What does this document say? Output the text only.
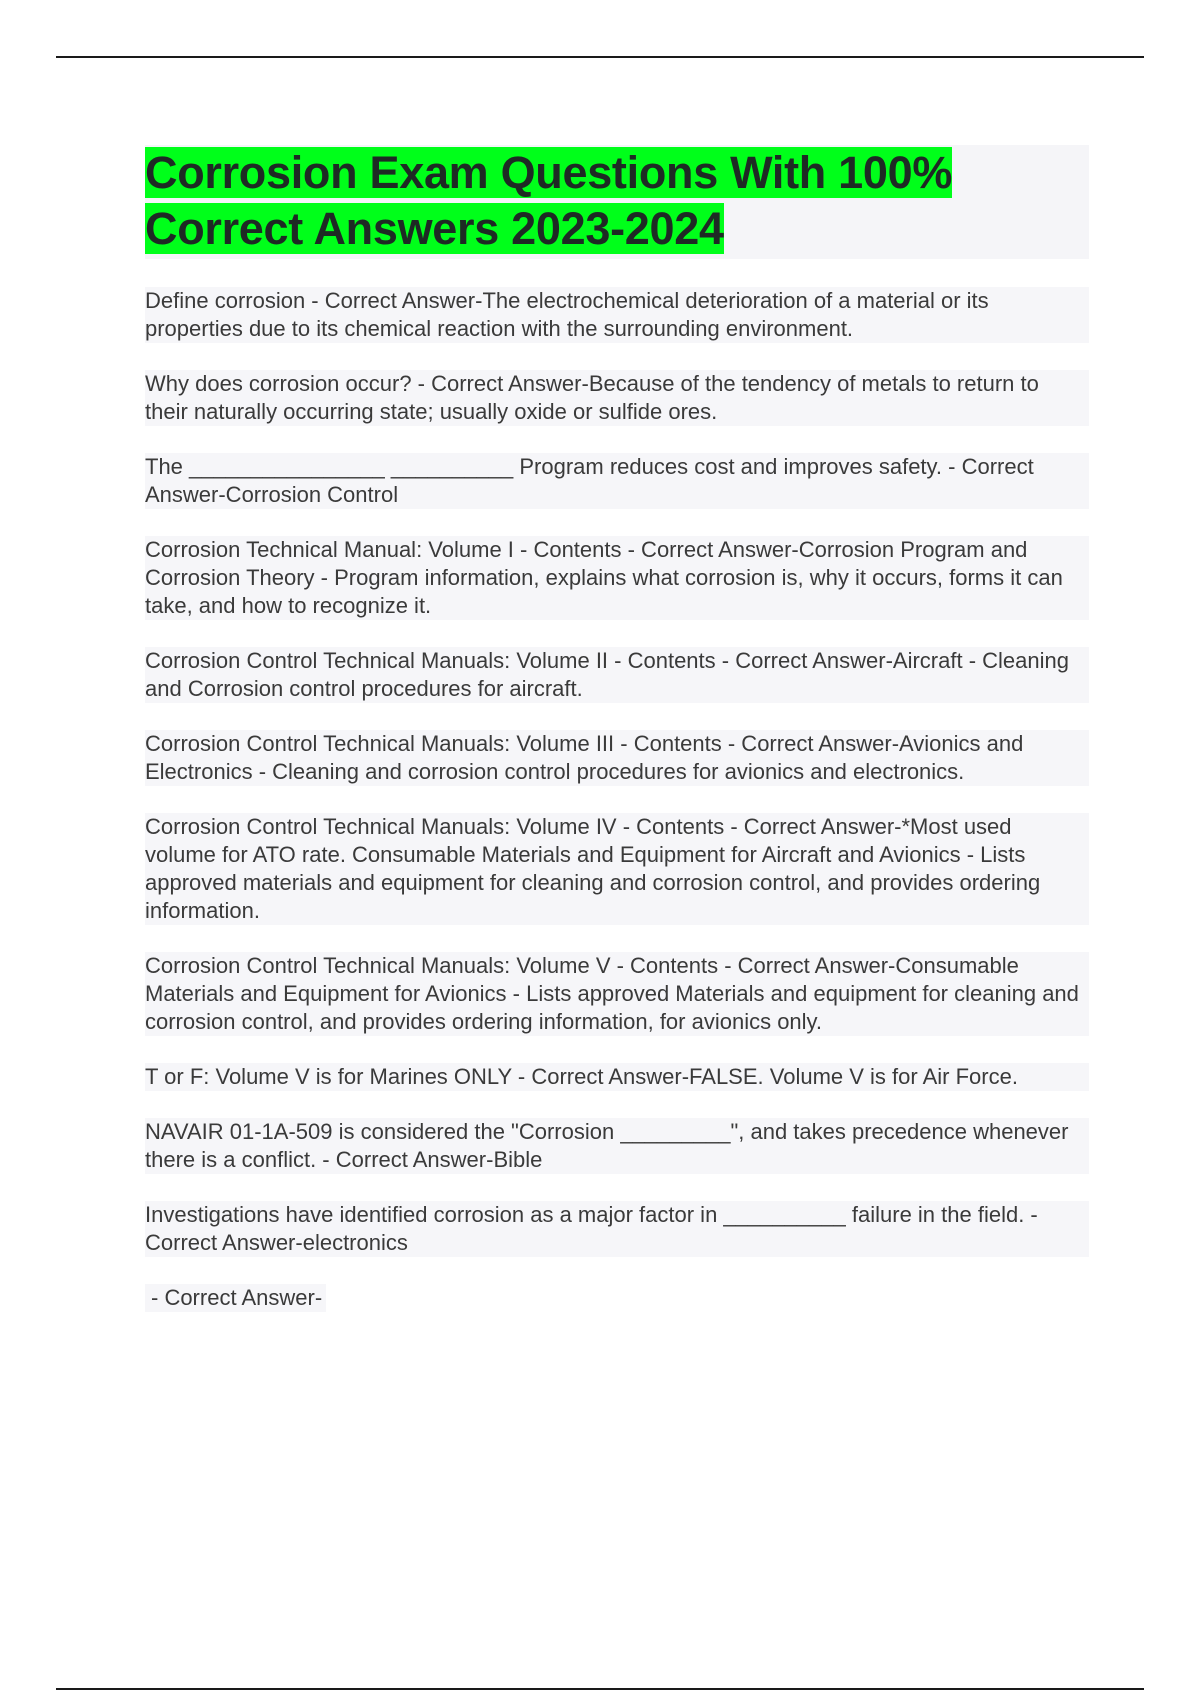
Corrosion Exam Questions With 100% Correct Answers 2023-2024

Define corrosion - Correct Answer-The electrochemical deterioration of a material or its properties due to its chemical reaction with the surrounding environment.

Why does corrosion occur? - Correct Answer-Because of the tendency of metals to return to their naturally occurring state; usually oxide or sulfide ores.

The ________________ __________ Program reduces cost and improves safety. - Correct Answer-Corrosion Control

Corrosion Technical Manual: Volume I - Contents - Correct Answer-Corrosion Program and Corrosion Theory - Program information, explains what corrosion is, why it occurs, forms it can take, and how to recognize it.

Corrosion Control Technical Manuals: Volume II - Contents - Correct Answer-Aircraft - Cleaning and Corrosion control procedures for aircraft.

Corrosion Control Technical Manuals: Volume III - Contents - Correct Answer-Avionics and Electronics - Cleaning and corrosion control procedures for avionics and electronics.

Corrosion Control Technical Manuals: Volume IV - Contents - Correct Answer-*Most used volume for ATO rate. Consumable Materials and Equipment for Aircraft and Avionics - Lists approved materials and equipment for cleaning and corrosion control, and provides ordering information.

Corrosion Control Technical Manuals: Volume V - Contents - Correct Answer-Consumable Materials and Equipment for Avionics - Lists approved Materials and equipment for cleaning and corrosion control, and provides ordering information, for avionics only.

T or F: Volume V is for Marines ONLY - Correct Answer-FALSE. Volume V is for Air Force.

NAVAIR 01-1A-509 is considered the "Corrosion _________", and takes precedence whenever there is a conflict. - Correct Answer-Bible

Investigations have identified corrosion as a major factor in __________ failure in the field. - Correct Answer-electronics

- Correct Answer-
